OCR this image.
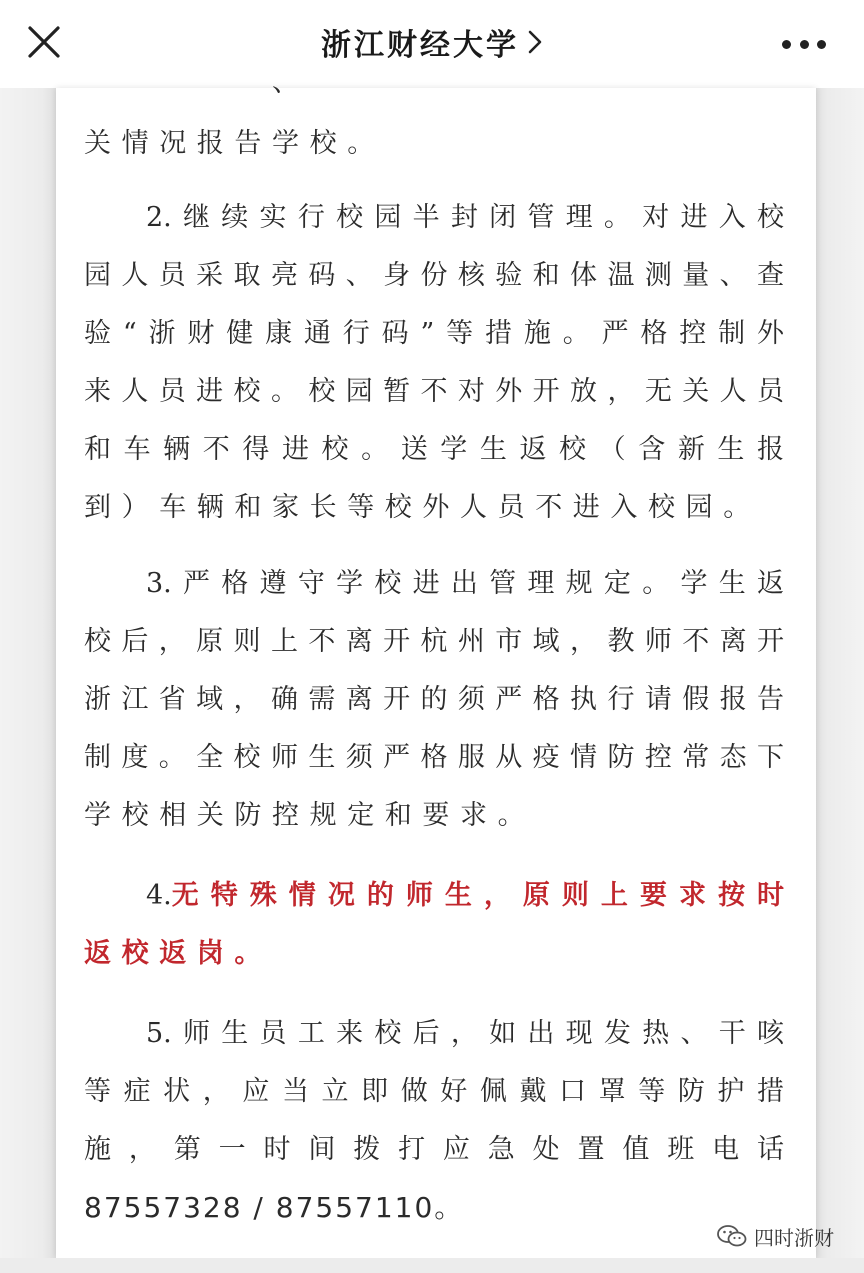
浙江财经大学
、
关情况报告学校。
2.继续实行校园半封闭管理。对进入校
园人员采取亮码、身份核验和体温测量、查
验“浙财健康通行码”等措施。严格控制外
来人员进校。校园暂不对外开放，无关人员
和车辆不得进校。送学生返校（含新生报
到）车辆和家长等校外人员不进入校园。
3.严格遵守学校进出管理规定。学生返
校后，原则上不离开杭州市域，教师不离开
浙江省域，确需离开的须严格执行请假报告
制度。全校师生须严格服从疫情防控常态下
学校相关防控规定和要求。
4. 无特殊情况的师生，原则上要求按时
返校返岗。
5.师生员工来校后，如出现发热、干咳
等症状，应当立即做好佩戴口罩等防护措
施，第一时间拨打应急处置值班电话
87557328 / 87557110。
四时浙财
